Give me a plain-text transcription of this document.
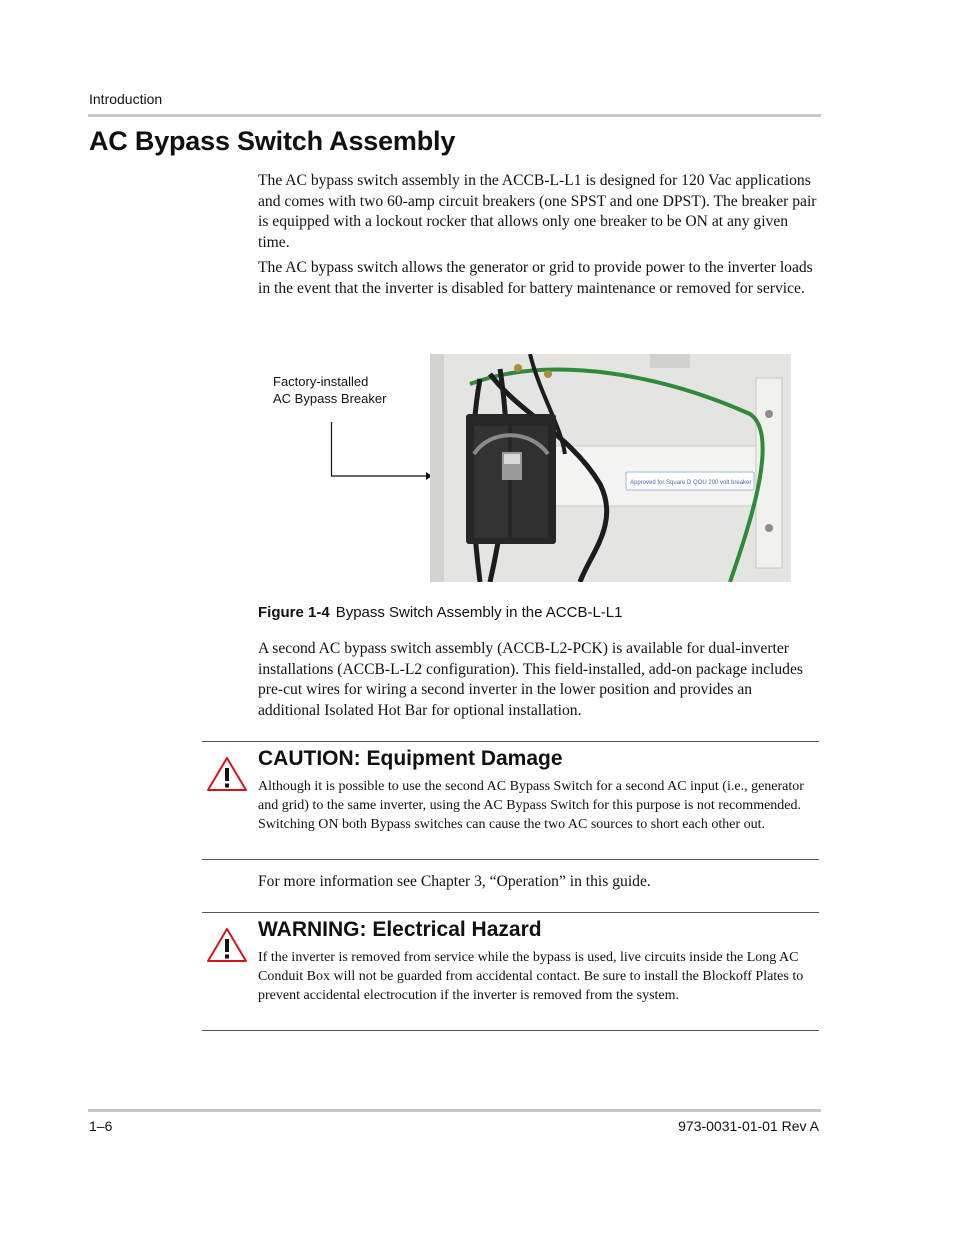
Introduction
AC Bypass Switch Assembly

The AC bypass switch assembly in the ACCB-L-L1 is designed for 120 Vac applications and comes with two 60-amp circuit breakers (one SPST and one DPST). The breaker pair is equipped with a lockout rocker that allows only one breaker to be ON at any given time.

The AC bypass switch allows the generator or grid to provide power to the inverter loads in the event that the inverter is disabled for battery maintenance or removed for service.

Factory-installed
AC Bypass Breaker
Approved for Square D QOU 200 volt breaker
Figure 1-4 Bypass Switch Assembly in the ACCB-L-L1

A second AC bypass switch assembly (ACCB-L2-PCK) is available for dual-inverter installations (ACCB-L-L2 configuration). This field-installed, add-on package includes pre-cut wires for wiring a second inverter in the lower position and provides an additional Isolated Hot Bar for optional installation.

CAUTION: Equipment Damage
Although it is possible to use the second AC Bypass Switch for a second AC input (i.e., generator and grid) to the same inverter, using the AC Bypass Switch for this purpose is not recommended. Switching ON both Bypass switches can cause the two AC sources to short each other out.

For more information see Chapter 3, “Operation” in this guide.

WARNING: Electrical Hazard
If the inverter is removed from service while the bypass is used, live circuits inside the Long AC Conduit Box will not be guarded from accidental contact. Be sure to install the Blockoff Plates to prevent accidental electrocution if the inverter is removed from the system.
1–6	973-0031-01-01 Rev A
